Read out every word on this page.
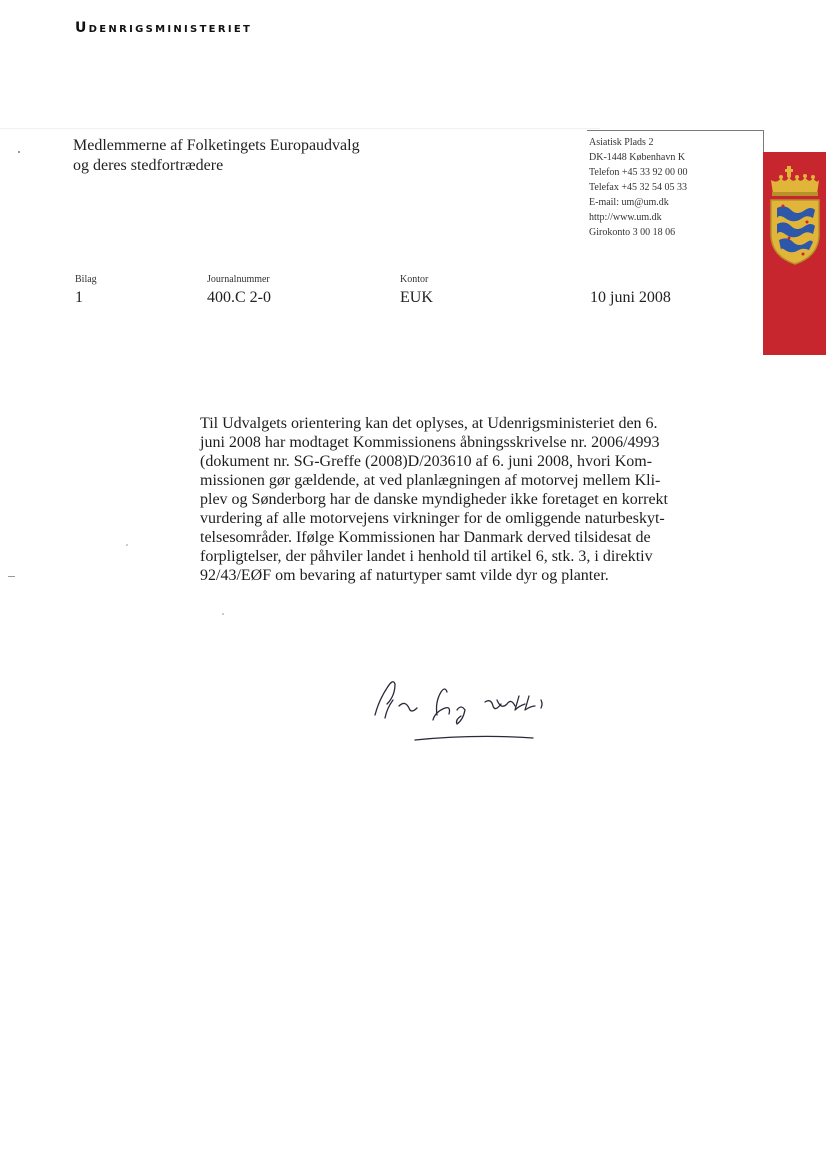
Udenrigsministeriet
Medlemmerne af Folketingets Europaudvalg
og deres stedfortrædere
Asiatisk Plads 2
DK-1448 København K
Telefon +45 33 92 00 00
Telefax +45 32 54 05 33
E-mail: um@um.dk
http://www.um.dk
Girokonto 3 00 18 06
Bilag
1
Journalnummer
400.C 2-0
Kontor
EUK	10 juni 2008
Til Udvalgets orientering kan det oplyses, at Udenrigsministeriet den 6.
juni 2008 har modtaget Kommissionens åbningsskrivelse nr. 2006/4993
(dokument nr. SG-Greffe (2008)D/203610 af 6. juni 2008, hvori Kom-
missionen gør gældende, at ved planlægningen af motorvej mellem Kli-
plev og Sønderborg har de danske myndigheder ikke foretaget en korrekt
vurdering af alle motorvejens virkninger for de omliggende naturbeskyt-
telsesområder. Ifølge Kommissionen har Danmark derved tilsidesat de
forpligtelser, der påhviler landet i henhold til artikel 6, stk. 3, i direktiv
92/43/EØF om bevaring af naturtyper samt vilde dyr og planter.
